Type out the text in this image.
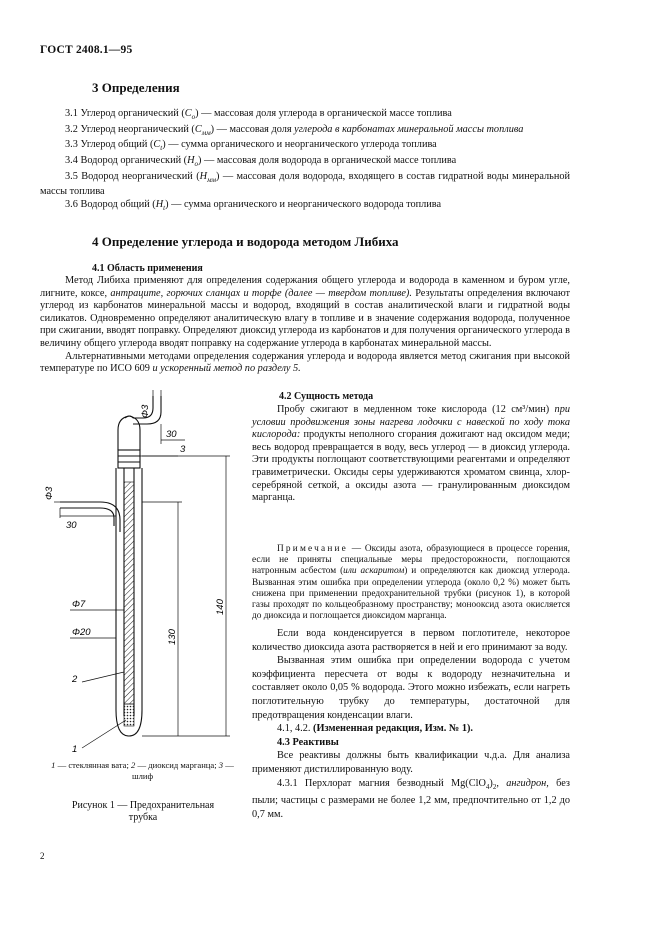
ГОСТ 2408.1—95
3 Определения
3.1 Углерод органический $(C_o)$ — массовая доля углерода в органической массе топлива
3.2 Углерод неорганический $(C_{мм})$ — массовая доля углерода в карбонатах минеральной массы топлива
3.3 Углерод общий $(C_t)$ — сумма органического и неорганического углерода топлива
3.4 Водород органический $(H_o)$ — массовая доля водорода в органической массе топлива
3.5 Водород неорганический $(H_{мм})$ — массовая доля водорода, входящего в состав гидратной воды минеральной массы топлива
3.6 Водород общий $(H_t)$ — сумма органического и неорганического водорода топлива
4 Определение углерода и водорода методом Либиха
4.1 Область применения
Метод Либиха применяют для определения содержания общего углерода и водорода в каменном и буром угле, лигните, коксе, антраците, горючих сланцах и торфе (далее — твердом топливе). Результаты определения включают углерод из карбонатов минеральной массы и водород, входящий в состав аналитической влаги и гидратной воды силикатов. Одновременно определяют аналитическую влагу в топливе и в значение содержания водорода, полученное при сжигании, вводят поправку. Определяют диоксид углерода из карбонатов и для получения органического углерода в величину общего углерода вводят поправку на содержание углерода в карбонатах минеральной массы.
Альтернативными методами определения содержания углерода и водорода является метод сжигания при высокой температуре по ИСО 609 и ускоренный метод по разделу 5.
4.2 Сущность метода
Пробу сжигают в медленном токе кислорода (12 см³/мин) при условии продвижения зоны нагрева лодочки с навеской по ходу тока кислорода: продукты неполного сгорания дожигают над оксидом меди; весь водород превращается в воду, весь углерод — в диоксид углерода. Эти продукты поглощают соответствующими реагентами и определяют гравиметрически. Оксиды серы удерживаются хроматом свинца, хлор-серебряной сеткой, а оксиды азота — гранулированным диоксидом марганца.
Примечание — Оксиды азота, образующиеся в процессе горения, если не приняты специальные меры предосторожности, поглощаются натронным асбестом (или аскаритом) и определяются как диоксид углерода. Вызванная этим ошибка при определении углерода (около 0,2 %) может быть снижена при применении предохранительной трубки (рисунок 1), в которой газы проходят по кольцеобразному пространству; монооксид азота окисляется до диоксида и поглощается диоксидом марганца.
Если вода конденсируется в первом поглотителе, некоторое количество диоксида азота растворяется в ней и его принимают за воду.
Вызванная этим ошибка при определении водорода с учетом коэффициента пересчета от воды к водороду незначительна и составляет около 0,05 % водорода. Этого можно избежать, если нагреть поглотительную трубку до температуры, достаточной для предотвращения конденсации влаги.
4.1, 4.2. (Измененная редакция, Изм. № 1).
4.3 Реактивы
Все реактивы должны быть квалификации ч.д.а. Для анализа применяют дистиллированную воду.
4.3.1 Перхлорат магния безводный $Mg(ClO_4)_2$, ангидрон, без пыли; частицы с размерами не более 1,2 мм, предпочтительно от 1,2 до 0,7 мм.
Φ3
30
3
Φ3
30
Φ7
Φ20
2
1
130
140
1 — стеклянная вата; 2 — диоксид марганца; 3 — шлиф
Рисунок 1 — Предохранительная трубка
2
